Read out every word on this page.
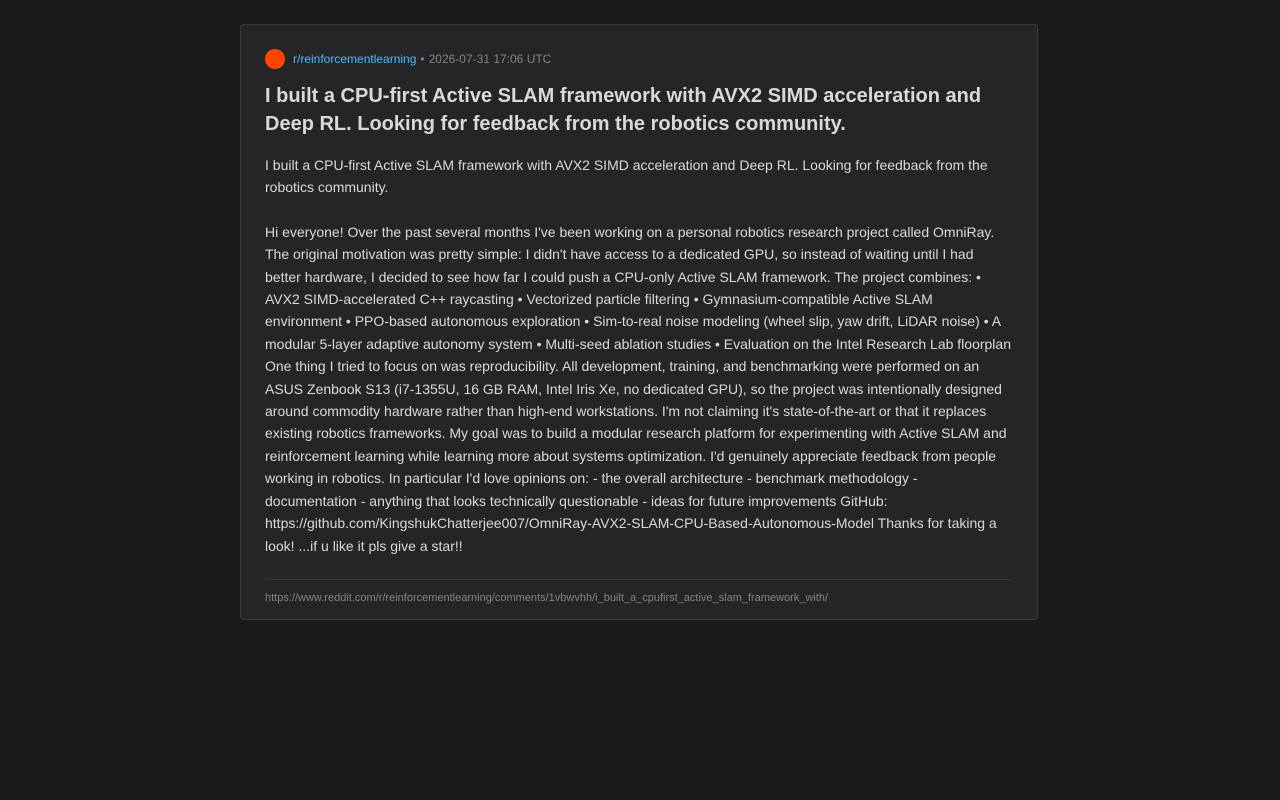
r/reinforcementlearning • 2026-07-31 17:06 UTC
I built a CPU-first Active SLAM framework with AVX2 SIMD acceleration and Deep RL. Looking for feedback from the robotics community.

I built a CPU-first Active SLAM framework with AVX2 SIMD acceleration and Deep RL. Looking for feedback from the robotics community.

Hi everyone! Over the past several months I've been working on a personal robotics research project called OmniRay. The original motivation was pretty simple: I didn't have access to a dedicated GPU, so instead of waiting until I had better hardware, I decided to see how far I could push a CPU-only Active SLAM framework. The project combines: • AVX2 SIMD-accelerated C++ raycasting • Vectorized particle filtering • Gymnasium-compatible Active SLAM environment • PPO-based autonomous exploration • Sim-to-real noise modeling (wheel slip, yaw drift, LiDAR noise) • A modular 5-layer adaptive autonomy system • Multi-seed ablation studies • Evaluation on the Intel Research Lab floorplan One thing I tried to focus on was reproducibility. All development, training, and benchmarking were performed on an ASUS Zenbook S13 (i7-1355U, 16 GB RAM, Intel Iris Xe, no dedicated GPU), so the project was intentionally designed around commodity hardware rather than high-end workstations. I'm not claiming it's state-of-the-art or that it replaces existing robotics frameworks. My goal was to build a modular research platform for experimenting with Active SLAM and reinforcement learning while learning more about systems optimization. I'd genuinely appreciate feedback from people working in robotics. In particular I'd love opinions on: - the overall architecture - benchmark methodology - documentation - anything that looks technically questionable - ideas for future improvements GitHub: https://github.com/KingshukChatterjee007/OmniRay-AVX2-SLAM-CPU-Based-Autonomous-Model Thanks for taking a look! ...if u like it pls give a star!!

https://www.reddit.com/r/reinforcementlearning/comments/1vbwvhh/i_built_a_cpufirst_active_slam_framework_with/
